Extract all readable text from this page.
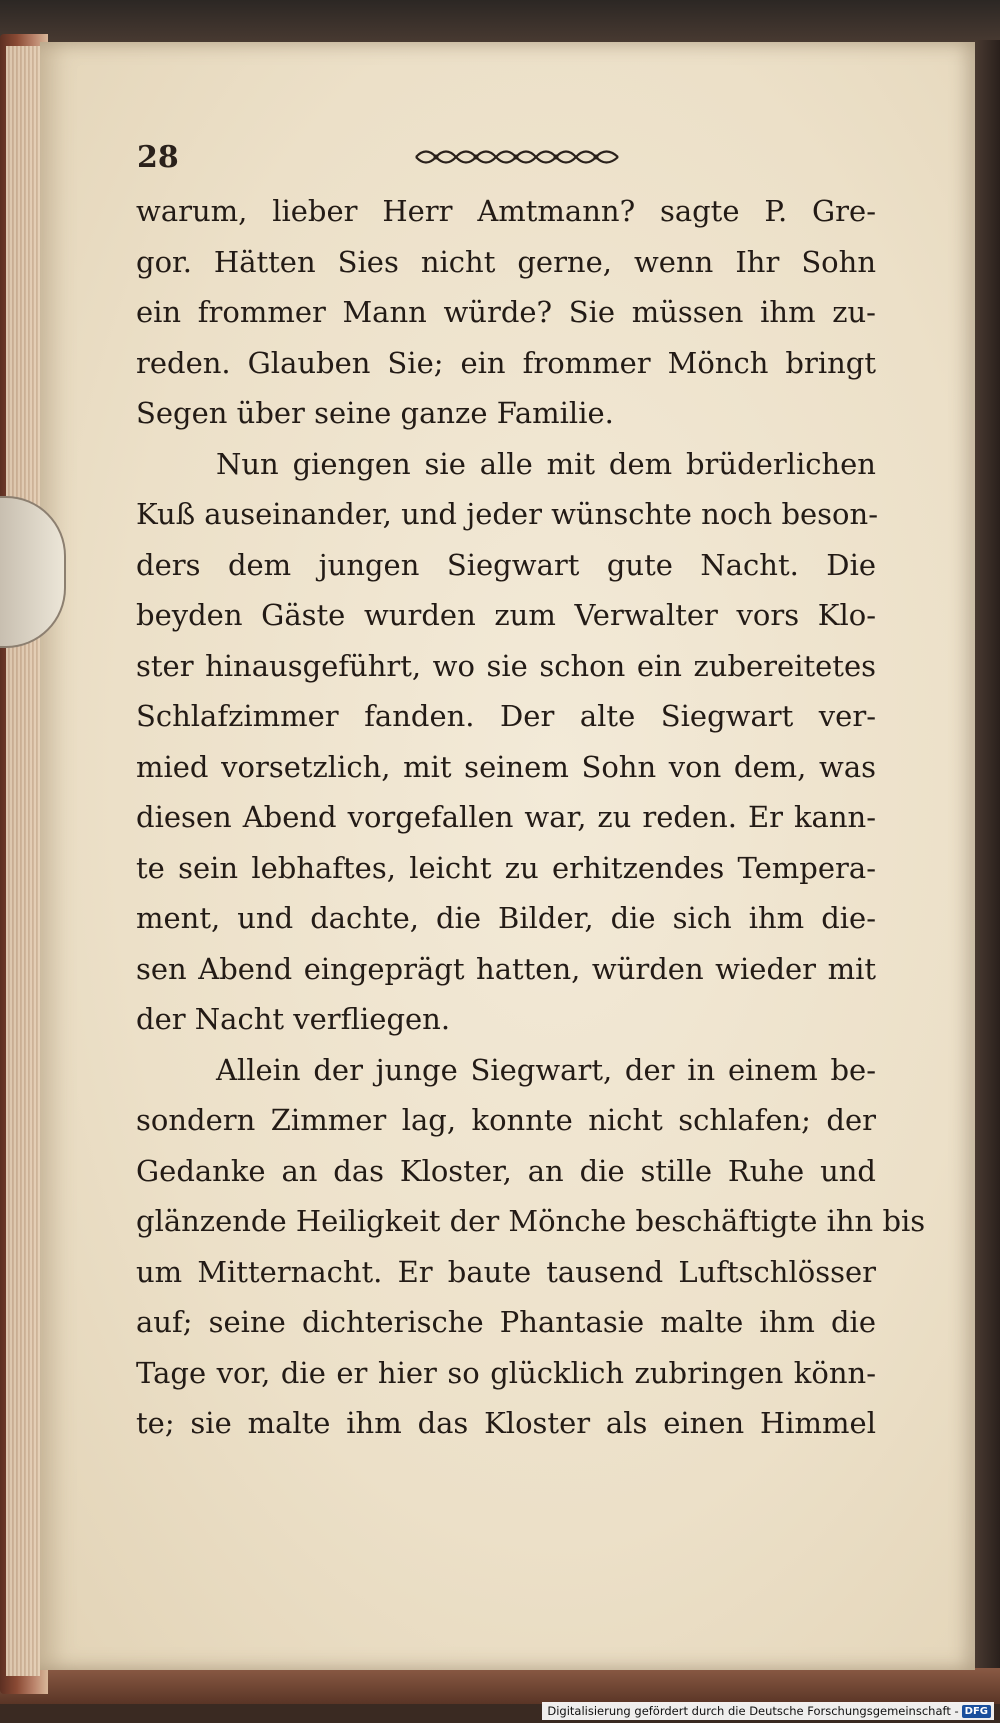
28
warum, lieber Herr Amtmann? sagte P. Gre-
gor. Hätten Sies nicht gerne, wenn Ihr Sohn
ein frommer Mann würde? Sie müssen ihm zu-
reden. Glauben Sie; ein frommer Mönch bringt
Segen über seine ganze Familie.
Nun giengen sie alle mit dem brüderlichen
Kuß auseinander, und jeder wünschte noch beson-
ders dem jungen Siegwart gute Nacht. Die
beyden Gäste wurden zum Verwalter vors Klo-
ster hinausgeführt, wo sie schon ein zubereitetes
Schlafzimmer fanden. Der alte Siegwart ver-
mied vorsetzlich, mit seinem Sohn von dem, was
diesen Abend vorgefallen war, zu reden. Er kann-
te sein lebhaftes, leicht zu erhitzendes Tempera-
ment, und dachte, die Bilder, die sich ihm die-
sen Abend eingeprägt hatten, würden wieder mit
der Nacht verfliegen.
Allein der junge Siegwart, der in einem be-
sondern Zimmer lag, konnte nicht schlafen; der
Gedanke an das Kloster, an die stille Ruhe und
glänzende Heiligkeit der Mönche beschäftigte ihn bis
um Mitternacht. Er baute tausend Luftschlösser
auf; seine dichterische Phantasie malte ihm die
Tage vor, die er hier so glücklich zubringen könn-
te; sie malte ihm das Kloster als einen Himmel
Digitalisierung gefördert durch die Deutsche Forschungsgemeinschaft - DFG
